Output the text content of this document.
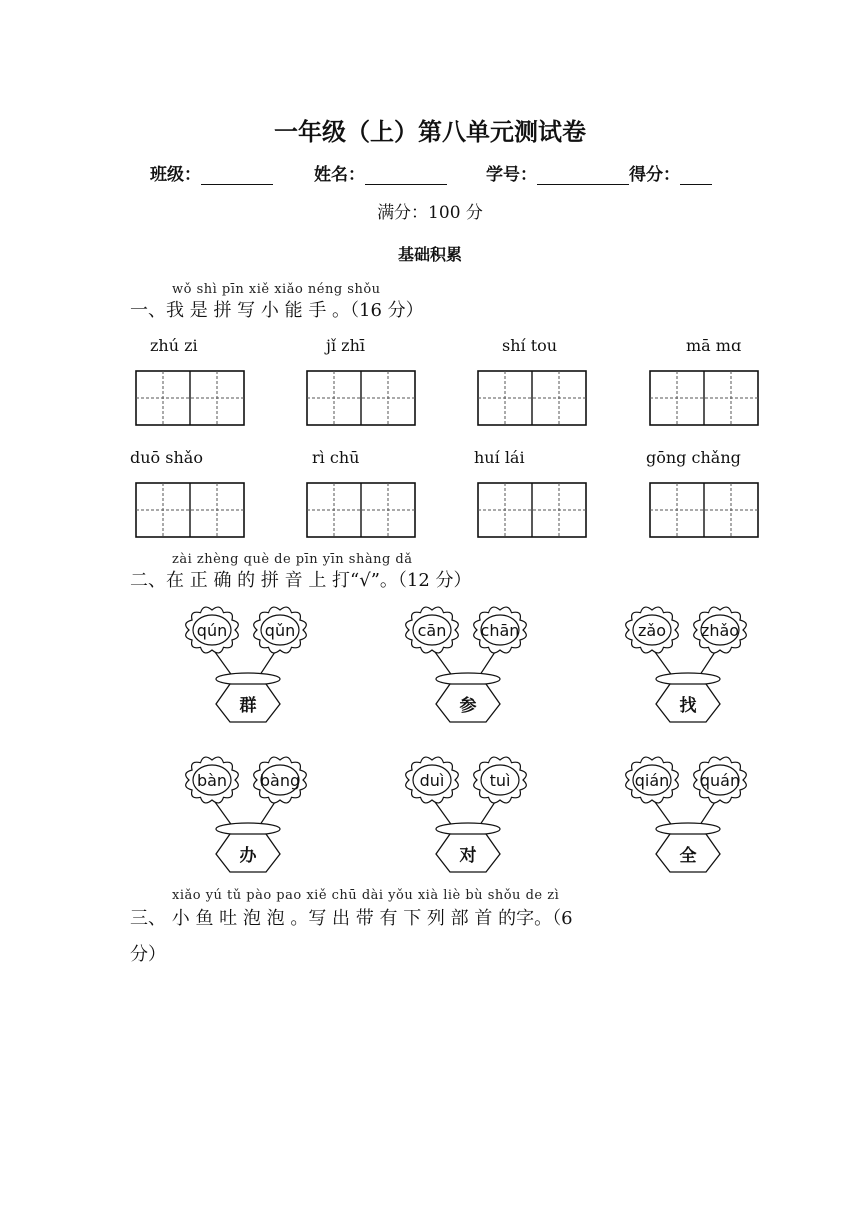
一年级（上）第八单元测试卷
班级：	姓名：	学号：	得分：
满分：100 分
基础积累
wǒ shì pīn xiě xiǎo néng shǒu
一、我 是 拼 写 小 能 手 。（16 分）
zhú zi	jǐ zhī	shí tou	mā mɑ
duō shǎo	rì chū	huí lái	gōng chǎng
zài zhèng què de pīn yīn shàng dǎ
二、在 正 确 的 拼 音 上 打“√”。（12 分）
qún qǔn
群
cān chān
参
zǎo zhǎo
找
bàn bàng
办
duì	tuì
对
qián quán
全
xiǎo yú tǔ pào pao xiě chū dài yǒu xià liè bù shǒu de zì
三、 小 鱼 吐 泡 泡 。写 出 带 有 下 列 部 首 的字。（6
分）
